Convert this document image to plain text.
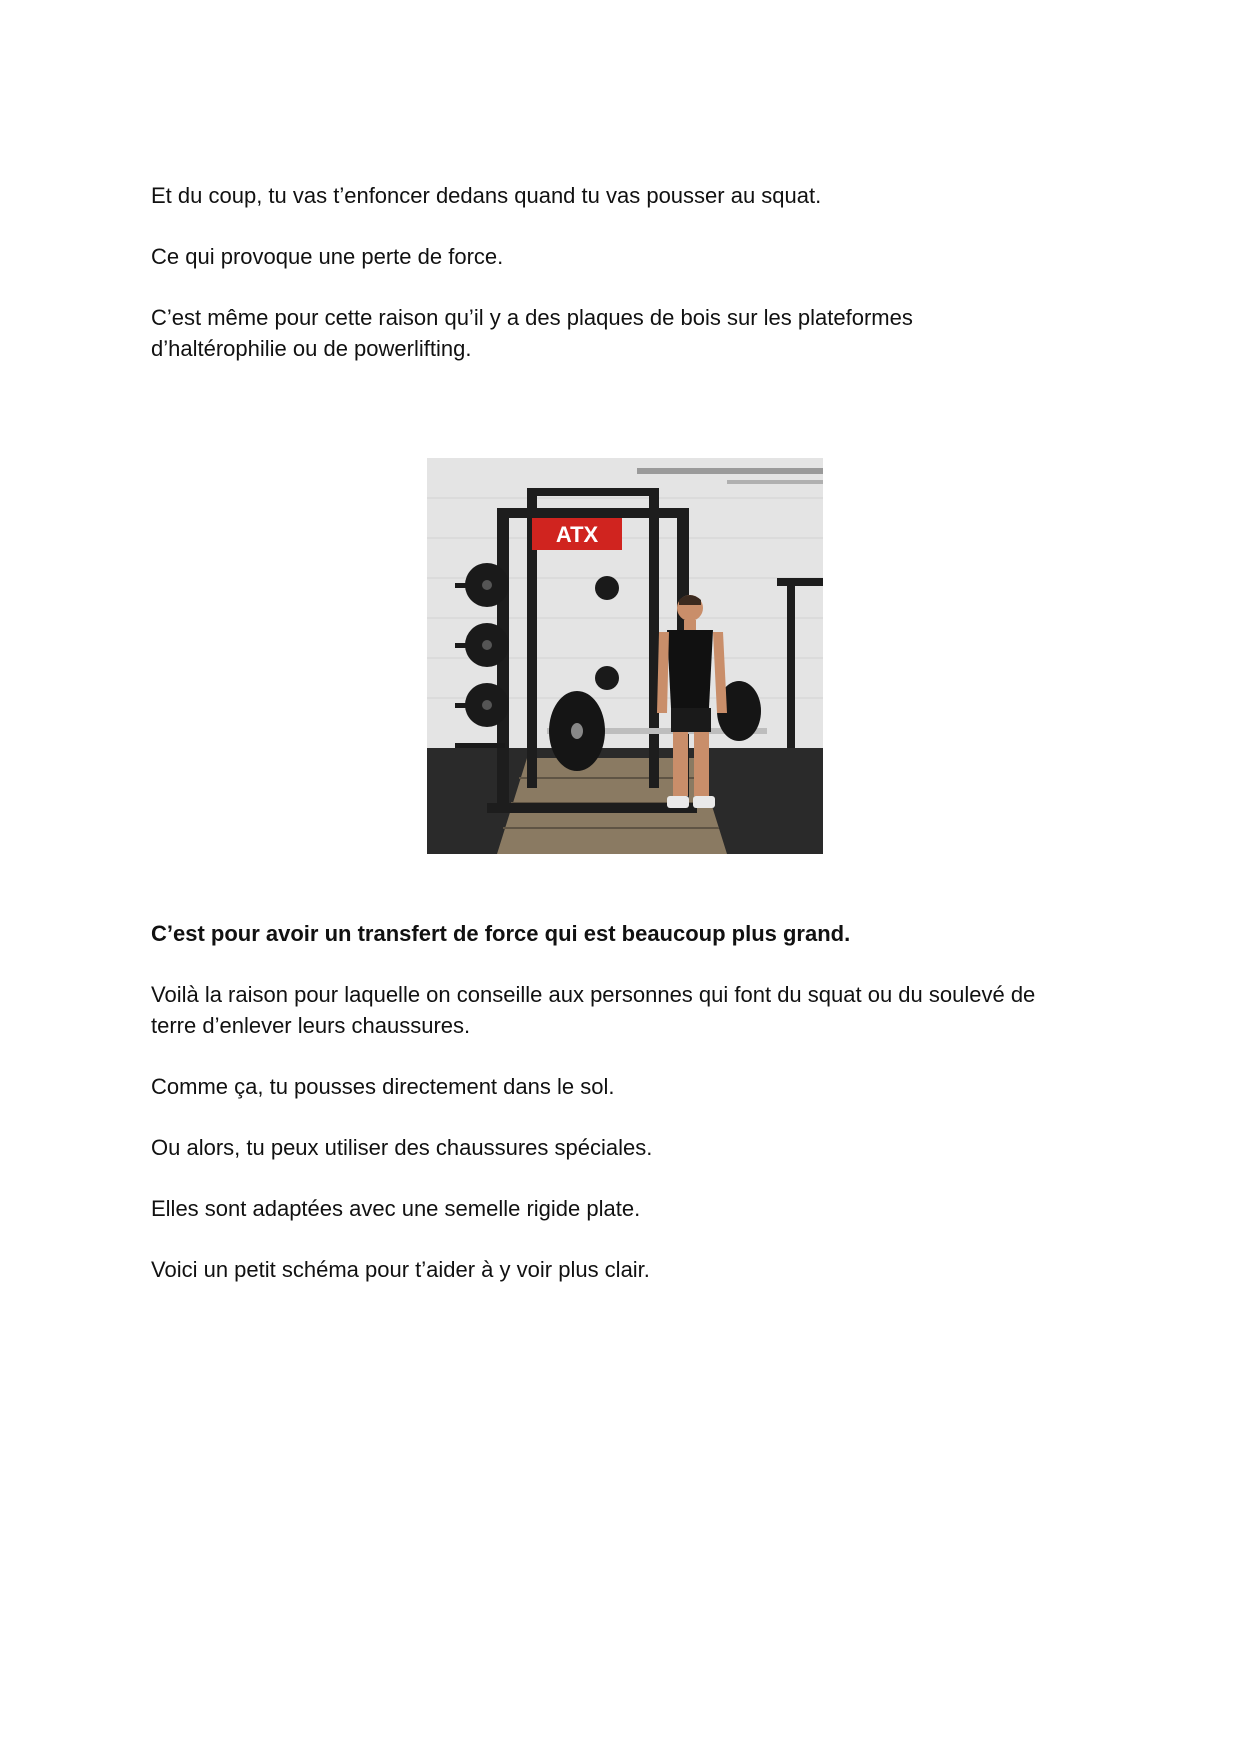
Et du coup, tu vas t’enfoncer dedans quand tu vas pousser au squat.

Ce qui provoque une perte de force.

C’est même pour cette raison qu’il y a des plaques de bois sur les plateformes

d’haltérophilie ou de powerlifting.

ATX

C’est pour avoir un transfert de force qui est beaucoup plus grand.

Voilà la raison pour laquelle on conseille aux personnes qui font du squat ou du soulevé de

terre d’enlever leurs chaussures.

Comme ça, tu pousses directement dans le sol.

Ou alors, tu peux utiliser des chaussures spéciales.

Elles sont adaptées avec une semelle rigide plate.

Voici un petit schéma pour t’aider à y voir plus clair.
